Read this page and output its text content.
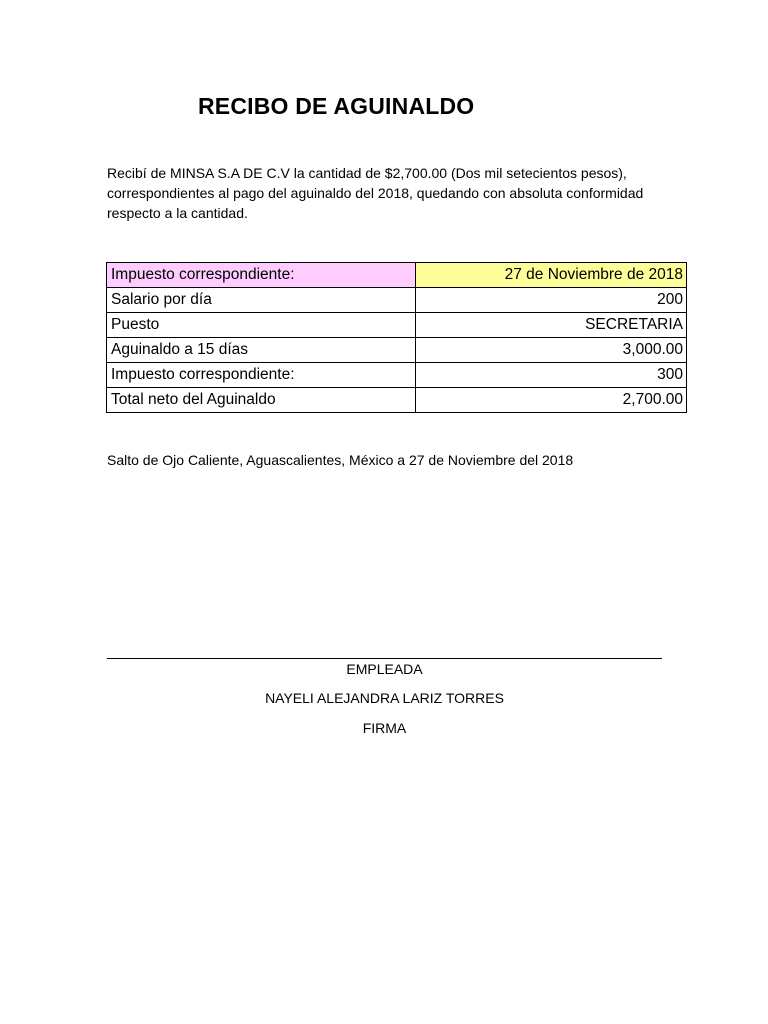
RECIBO DE AGUINALDO

Recibí de MINSA S.A DE C.V la cantidad de $2,700.00 (Dos mil setecientos pesos), correspondientes al pago del aguinaldo del 2018, quedando con absoluta conformidad respecto a la cantidad.

Impuesto correspondiente:	27 de Noviembre de 2018
Salario por día	200
Puesto	SECRETARIA
Aguinaldo a 15 días	3,000.00
Impuesto correspondiente:	300
Total neto del Aguinaldo	2,700.00

Salto de Ojo Caliente, Aguascalientes, México a 27 de Noviembre del 2018

EMPLEADA

NAYELI ALEJANDRA LARIZ TORRES

FIRMA
